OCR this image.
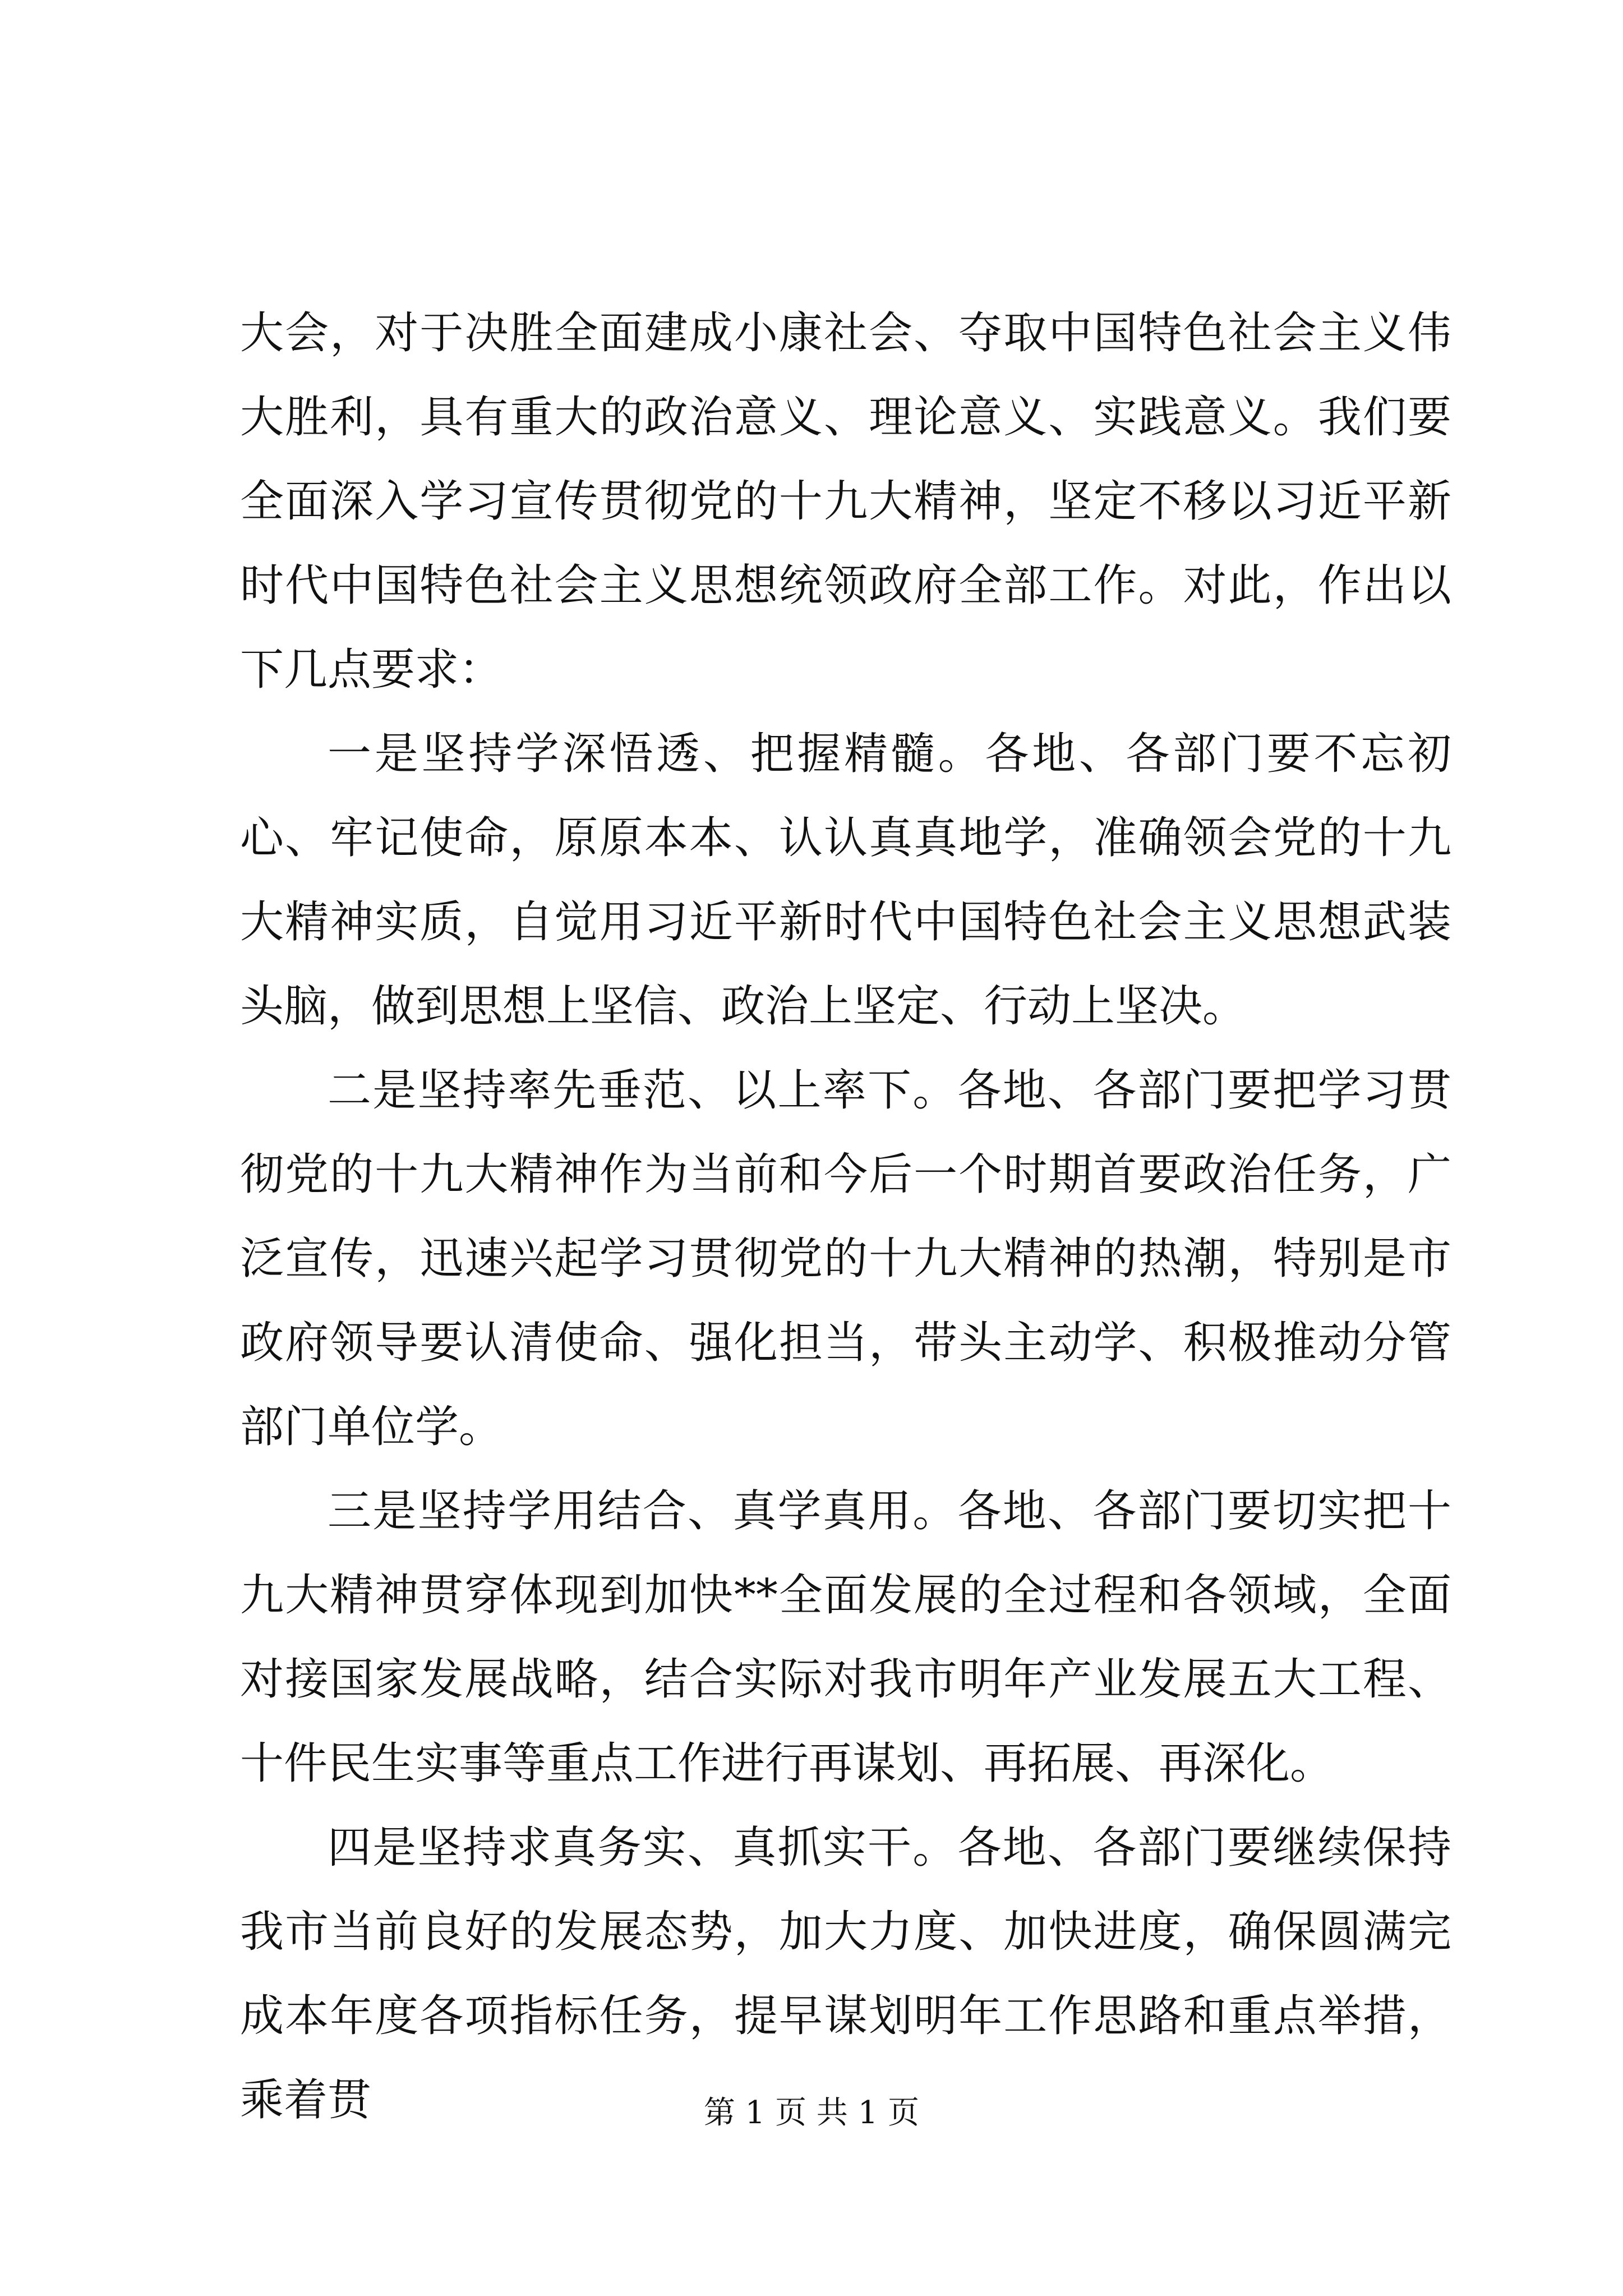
大会，对于决胜全面建成小康社会、夺取中国特色社会主义伟大胜利，具有重大的政治意义、理论意义、实践意义。我们要全面深入学习宣传贯彻党的十九大精神，坚定不移以习近平新时代中国特色社会主义思想统领政府全部工作。对此，作出以下几点要求：

一是坚持学深悟透、把握精髓。各地、各部门要不忘初心、牢记使命，原原本本、认认真真地学，准确领会党的十九大精神实质，自觉用习近平新时代中国特色社会主义思想武装头脑，做到思想上坚信、政治上坚定、行动上坚决。

二是坚持率先垂范、以上率下。各地、各部门要把学习贯彻党的十九大精神作为当前和今后一个时期首要政治任务，广泛宣传，迅速兴起学习贯彻党的十九大精神的热潮，特别是市政府领导要认清使命、强化担当，带头主动学、积极推动分管部门单位学。

三是坚持学用结合、真学真用。各地、各部门要切实把十九大精神贯穿体现到加快**全面发展的全过程和各领域，全面对接国家发展战略，结合实际对我市明年产业发展五大工程、十件民生实事等重点工作进行再谋划、再拓展、再深化。

四是坚持求真务实、真抓实干。各地、各部门要继续保持我市当前良好的发展态势，加大力度、加快进度，确保圆满完成本年度各项指标任务，提早谋划明年工作思路和重点举措，乘着贯	第 1 页 共 1 页
